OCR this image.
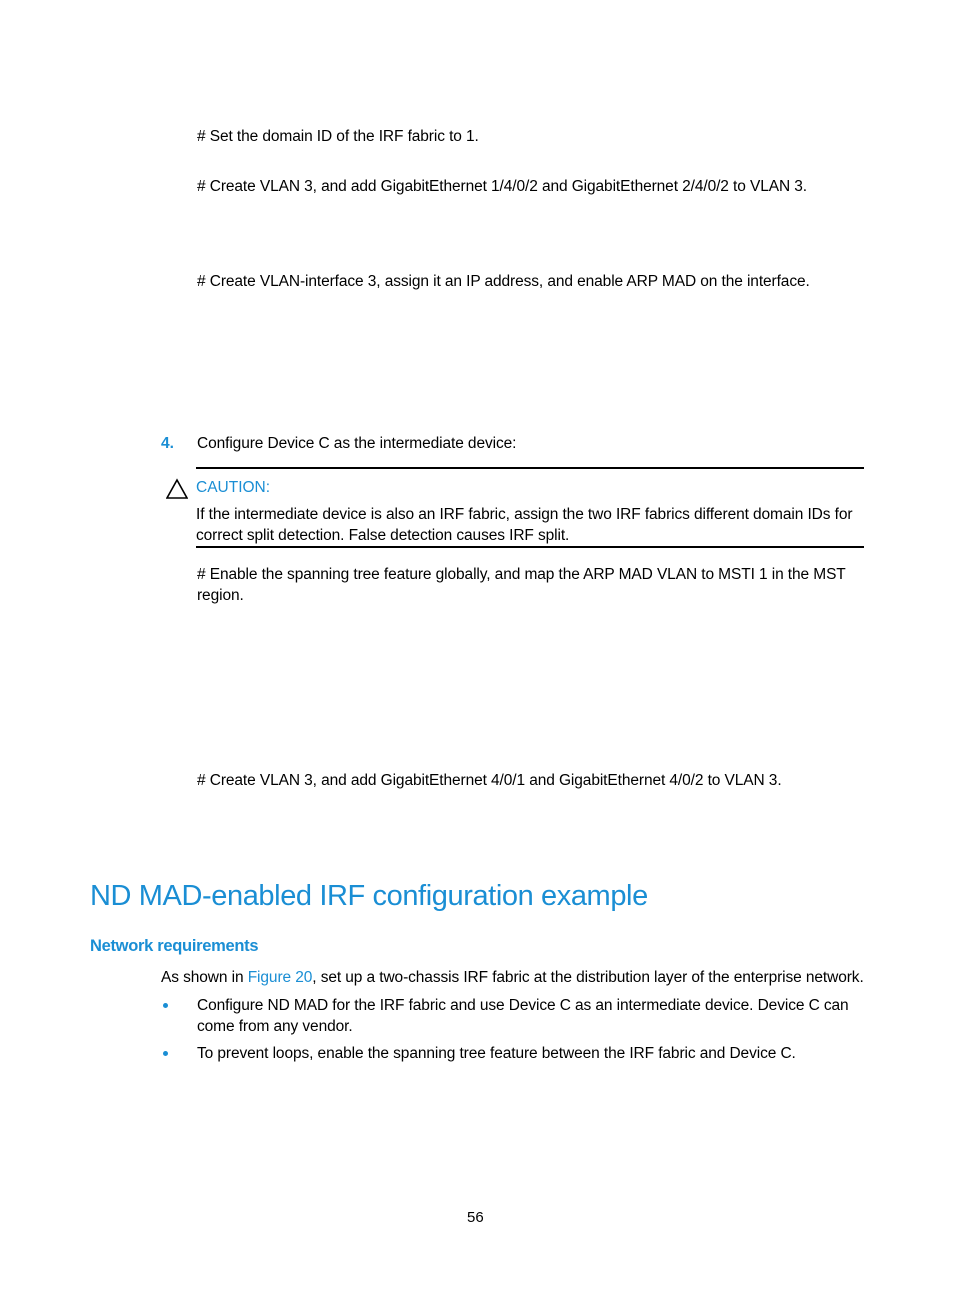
# Set the domain ID of the IRF fabric to 1.

# Create VLAN 3, and add GigabitEthernet 1/4/0/2 and GigabitEthernet 2/4/0/2 to VLAN 3.

# Create VLAN-interface 3, assign it an IP address, and enable ARP MAD on the interface.

4. Configure Device C as the intermediate device:
CAUTION:

If the intermediate device is also an IRF fabric, assign the two IRF fabrics different domain IDs for

correct split detection. False detection causes IRF split.

# Enable the spanning tree feature globally, and map the ARP MAD VLAN to MSTI 1 in the MST

region.

# Create VLAN 3, and add GigabitEthernet 4/0/1 and GigabitEthernet 4/0/2 to VLAN 3.

ND MAD-enabled IRF configuration example
Network requirements

As shown in Figure 20, set up a two-chassis IRF fabric at the distribution layer of the enterprise network.

Configure ND MAD for the IRF fabric and use Device C as an intermediate device. Device C can

come from any vendor.

To prevent loops, enable the spanning tree feature between the IRF fabric and Device C.

56
